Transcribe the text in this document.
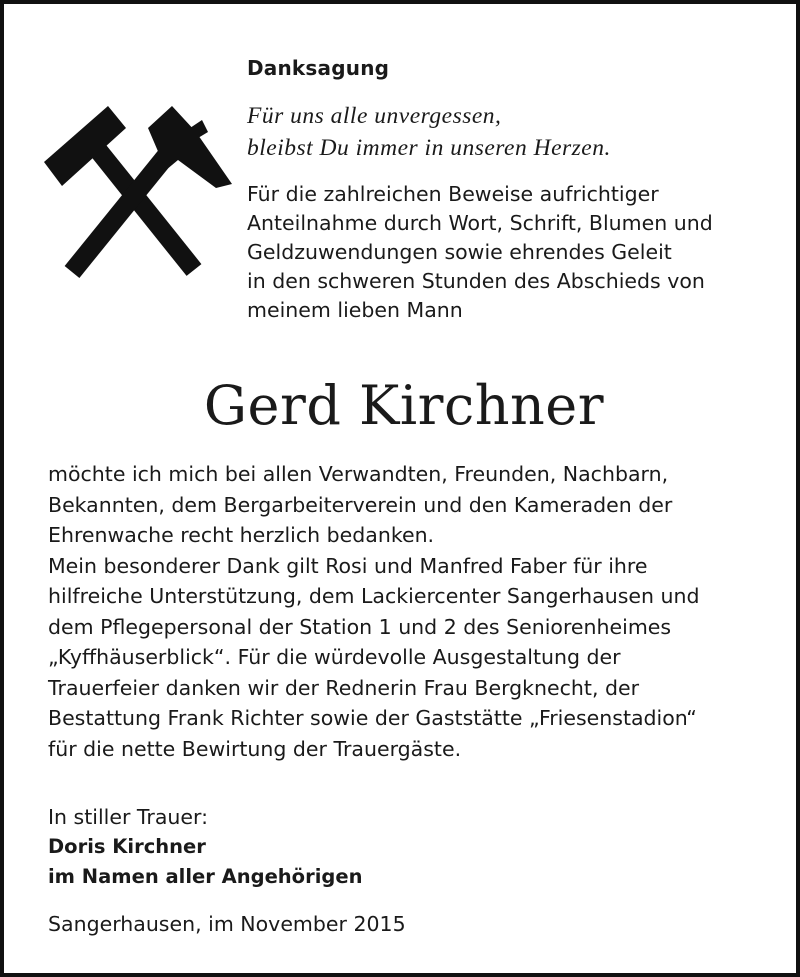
Danksagung
Für uns alle unvergessen,
bleibst Du immer in unseren Herzen.
Für die zahlreichen Beweise aufrichtiger
Anteilnahme durch Wort, Schrift, Blumen und
Geldzuwendungen sowie ehrendes Geleit
in den schweren Stunden des Abschieds von
meinem lieben Mann
Gerd Kirchner
möchte ich mich bei allen Verwandten, Freunden, Nachbarn,
Bekannten, dem Bergarbeiterverein und den Kameraden der
Ehrenwache recht herzlich bedanken.
Mein besonderer Dank gilt Rosi und Manfred Faber für ihre
hilfreiche Unterstützung, dem Lackiercenter Sangerhausen und
dem Pflegepersonal der Station 1 und 2 des Seniorenheimes
„Kyffhäuserblick“. Für die würdevolle Ausgestaltung der
Trauerfeier danken wir der Rednerin Frau Bergknecht, der
Bestattung Frank Richter sowie der Gaststätte „Friesenstadion“
für die nette Bewirtung der Trauergäste.
In stiller Trauer:
Doris Kirchner
im Namen aller Angehörigen
Sangerhausen, im November 2015
